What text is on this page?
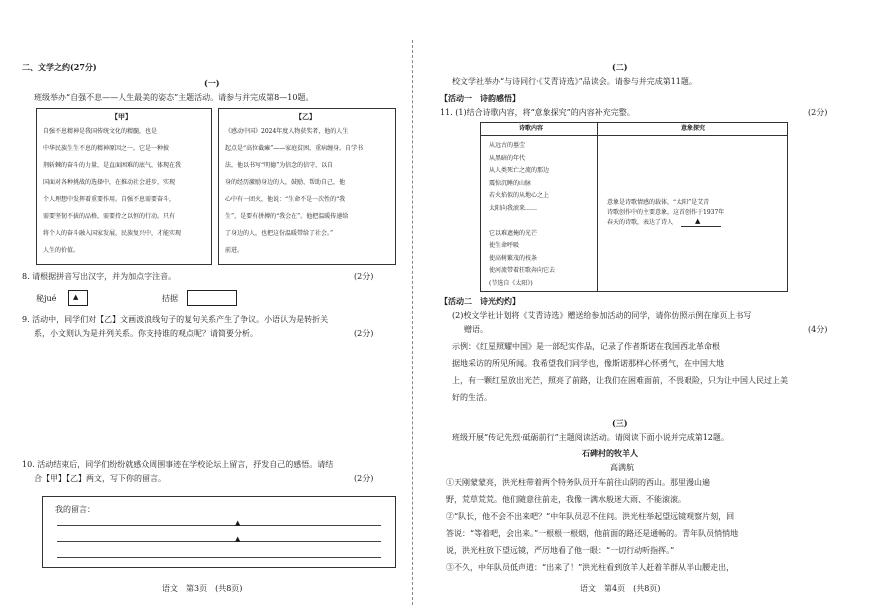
二、文学之约(27分)
(一)
班级举办“自强不息——人生最美的姿态”主题活动。请参与并完成第8—10题。
【甲】
自强不息精神是我国传统文化的精髓，也是
中华民族生生不息的精神原因之一。它是一种披
荆斩棘的奋斗的力量，是直面困难的底气，体现在我
国面对各种挑战的选择中，在推动社会进步，实现
个人理想中发挥着重要作用。自强不息需要奋斗，
需要坚韧不拔的品格，需要持之以恒的行动。只有
将个人的奋斗融入国家发展，民族复兴中，才能实现
人生的价值。
【乙】
《感动中国》2024年度人物获奖者，他的人生
起点是“高位截瘫”——家庭贫困，重病缠身。自学书
法，他以书写“明德”为信念的信守，以自
身的经历激励身边的人，鼓励、帮助自己，他
心中有一团火，他说：“生命不是一次性的“我
生”，是要有拼搏的“我会在”。他把温暖传递给
了身边的人，也把这份温暖带给了社会。”
前进。
8. 请根据拼音写出汉字，并为加点字注音。	(2分)
秘jué ▲	拮据
9. 活动中，同学们对【乙】文画波浪线句子的复句关系产生了争议。小语认为是转折关
系，小文则认为是并列关系。你支持谁的观点呢？请简要分析。	(2分)
10. 活动结束后，同学们纷纷就感众周围事迹在学校论坛上留言，抒发自己的感悟。请结
合【甲】【乙】两文，写下你的留言。	(2分)
我的留言：
▲
▲
语文　第3页　(共8页)
(二)
校文学社举办“与诗同行·《艾青诗选》”品读会。请参与并完成第11题。
【活动一　诗韵感悟】
11. (1)结合诗歌内容，将“意象探究”的内容补充完整。	(2分)
诗歌内容	意象探究
从远古的墓茔
从黑暗的年代
从人类死亡之流的那边
震惊沉睡的山脉
若火焰似的从地心之上
太阳向我滚来……
它以难遮掩的光芒
使生命呼吸
使高树繁茂的枝条
使河流带着狂歌奔向它去
(节选自《太阳》)
意象是诗歌情感的载体，“太阳”是艾青
诗歌创作中的主要意象，这首创作于1937年
春天的诗歌，表达了诗人	▲
【活动二　诗光灼灼】
(2)校文学社计划将《艾青诗选》赠送给参加活动的同学，请你仿照示例在扉页上书写
赠语。	(4分)
示例：《红星照耀中国》是一部纪实作品，记录了作者斯诺在我国西北革命根
据地采访的所见所闻。我希望我们同学也，像斯诺那样心怀勇气，在中国大地
上，有一颗红星放出光芒，照亮了前路，让我们在困难面前，不畏艰险，只为让中国人民过上美
好的生活。
(三)
班级开展“传记先烈·砥砺前行”主题阅读活动。请阅读下面小说并完成第12题。
石碑村的牧羊人
高满航
①天刚蒙蒙亮，洪光柱带着两个特务队员开车前往山阴的西山。那里漫山遍
野，荒草荒荒。他们随意往前走，我像一满水般迷大雨、不能滚滚。
②“队长，他不会不出来吧？”中年队员忍不住问。洪光柱举起望远镜观察片刻，回
答说：“等着吧，会出来。”一根根一根烟，他前面的路还是通畅的。青年队员悄悄地
说，洪光柱放下望远镜，严厉地看了他一眼：“一切行动听指挥。”
③不久，中年队员低声道：“出来了！”洪光柱看到放羊人赶着羊群从半山腰走出，
语文　第4页　(共8页)
